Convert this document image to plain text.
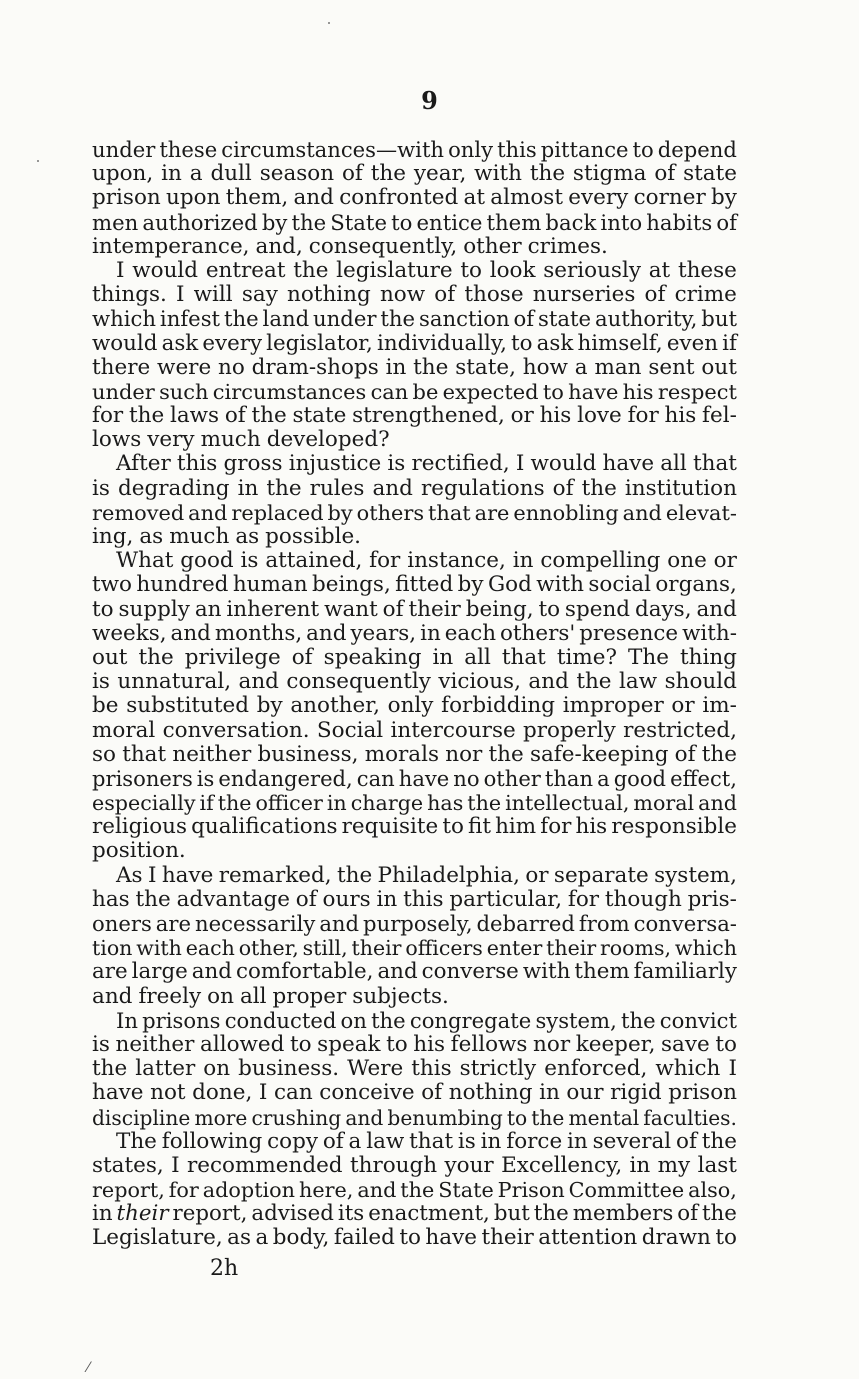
9
under these circumstances—with only this pittance to depend
upon, in a dull season of the year, with the stigma of state
prison upon them, and confronted at almost every corner by
men authorized by the State to entice them back into habits of
intemperance, and, consequently, other crimes.
I would entreat the legislature to look seriously at these
things. I will say nothing now of those nurseries of crime
which infest the land under the sanction of state authority, but
would ask every legislator, individually, to ask himself, even if
there were no dram-shops in the state, how a man sent out
under such circumstances can be expected to have his respect
for the laws of the state strengthened, or his love for his fel-
lows very much developed?
After this gross injustice is rectified, I would have all that
is degrading in the rules and regulations of the institution
removed and replaced by others that are ennobling and elevat-
ing, as much as possible.
What good is attained, for instance, in compelling one or
two hundred human beings, fitted by God with social organs,
to supply an inherent want of their being, to spend days, and
weeks, and months, and years, in each others' presence with-
out the privilege of speaking in all that time? The thing
is unnatural, and consequently vicious, and the law should
be substituted by another, only forbidding improper or im-
moral conversation. Social intercourse properly restricted,
so that neither business, morals nor the safe-keeping of the
prisoners is endangered, can have no other than a good effect,
especially if the officer in charge has the intellectual, moral and
religious qualifications requisite to fit him for his responsible
position.
As I have remarked, the Philadelphia, or separate system,
has the advantage of ours in this particular, for though pris-
oners are necessarily and purposely, debarred from conversa-
tion with each other, still, their officers enter their rooms, which
are large and comfortable, and converse with them familiarly
and freely on all proper subjects.
In prisons conducted on the congregate system, the convict
is neither allowed to speak to his fellows nor keeper, save to
the latter on business. Were this strictly enforced, which I
have not done, I can conceive of nothing in our rigid prison
discipline more crushing and benumbing to the mental faculties.
The following copy of a law that is in force in several of the
states, I recommended through your Excellency, in my last
report, for adoption here, and the State Prison Committee also,
in their report, advised its enactment, but the members of the
Legislature, as a body, failed to have their attention drawn to
2h
⁄
